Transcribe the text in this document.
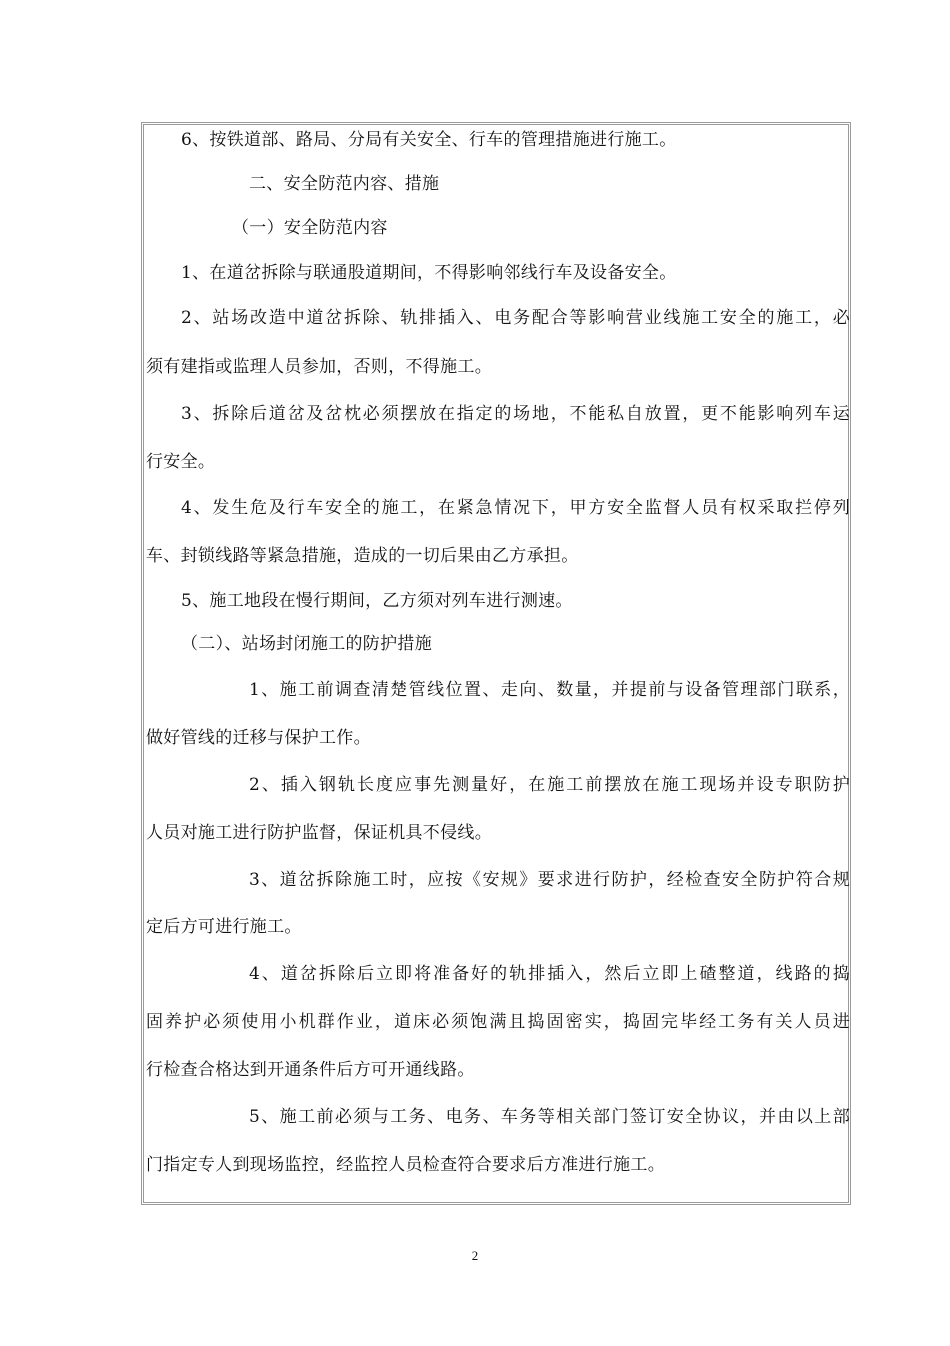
6、按铁道部、路局、分局有关安全、行车的管理措施进行施工。
二、安全防范内容、措施
（一）安全防范内容
1、在道岔拆除与联通股道期间，不得影响邻线行车及设备安全。
2、站场改造中道岔拆除、轨排插入、电务配合等影响营业线施工安全的施工，必
须有建指或监理人员参加，否则，不得施工。
3、拆除后道岔及岔枕必须摆放在指定的场地，不能私自放置，更不能影响列车运
行安全。
4、发生危及行车安全的施工，在紧急情况下，甲方安全监督人员有权采取拦停列
车、封锁线路等紧急措施，造成的一切后果由乙方承担。
5、施工地段在慢行期间，乙方须对列车进行测速。
（二）、站场封闭施工的防护措施
1、施工前调查清楚管线位置、走向、数量，并提前与设备管理部门联系，
做好管线的迁移与保护工作。
2、插入钢轨长度应事先测量好，在施工前摆放在施工现场并设专职防护
人员对施工进行防护监督，保证机具不侵线。
3、道岔拆除施工时，应按《安规》要求进行防护，经检查安全防护符合规
定后方可进行施工。
4、道岔拆除后立即将准备好的轨排插入，然后立即上碴整道，线路的捣
固养护必须使用小机群作业，道床必须饱满且捣固密实，捣固完毕经工务有关人员进
行检查合格达到开通条件后方可开通线路。
5、施工前必须与工务、电务、车务等相关部门签订安全协议，并由以上部
门指定专人到现场监控，经监控人员检查符合要求后方准进行施工。
2
